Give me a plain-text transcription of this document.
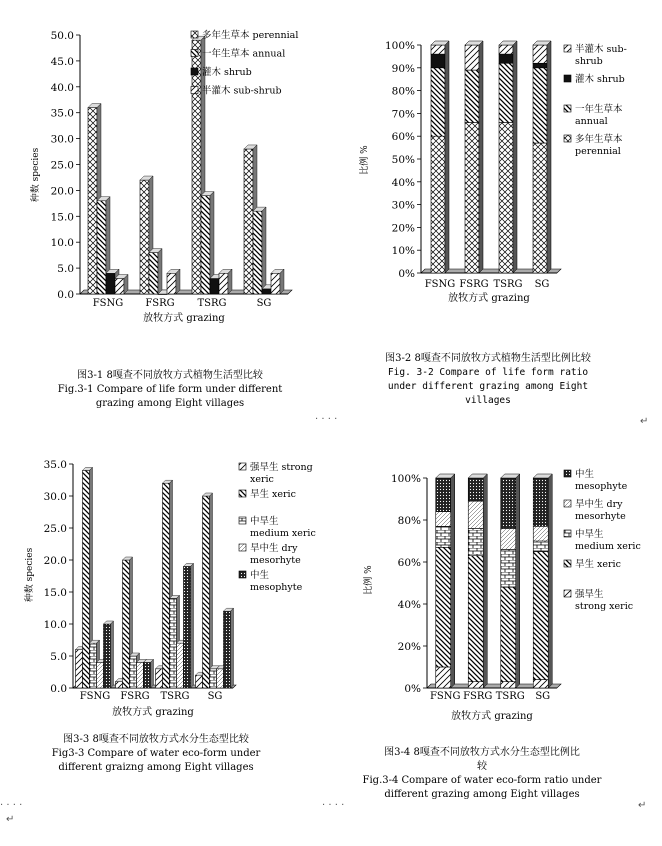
0.0
5.0
10.0
15.0
20.0
25.0
30.0
35.0
40.0
45.0
50.0
种数 species
放牧方式 grazing
FSNG FSRG TSRG	SG
多年生草本 perennial
一年生草本 annual
灌木 shrub
半灌木 sub-shrub
0%
10%
20%
30%
40%
50%
60%
70%
80%
90%
100%
比例 %
放牧方式 grazing
FSNG FSRG TSRG SG
半灌木 sub-
shrub
灌木 shrub
一年生草本
annual
多年生草本
perennial
0.0
5.0
10.0
15.0
20.0
25.0
30.0
35.0
种数 species
放牧方式 grazing
FSNG FSRG TSRG SG
强旱生 strong
xeric
旱生 xeric
中旱生
medium xeric
旱中生 dry
mesorhyte
中生
mesophyte
0%
20%
40%
60%
80%
100%
比例 %
放牧方式 grazing
FSNG FSRG TSRG SG
中生
mesophyte
旱中生 dry
mesorhyte
中旱生
medium xeric
旱生 xeric
强旱生
strong xeric
图3-1 8嘎查不同放牧方式植物生活型比较
Fig.3-1 Compare of life form under different
grazing among Eight villages
图3-2 8嘎查不同放牧方式植物生活型比例比较
Fig. 3-2 Compare of life form ratio
under different grazing among Eight
villages
图3-3 8嘎查不同放牧方式水分生态型比较
Fig3-3 Compare of water eco-form under
different graizng among Eight villages
图3-4 8嘎查不同放牧方式水分生态型比例比
较
Fig.3-4 Compare of water eco-form ratio under
different grazing among Eight villages
· · · ·	↵
· · · ·
· · · ·	↵
↵
